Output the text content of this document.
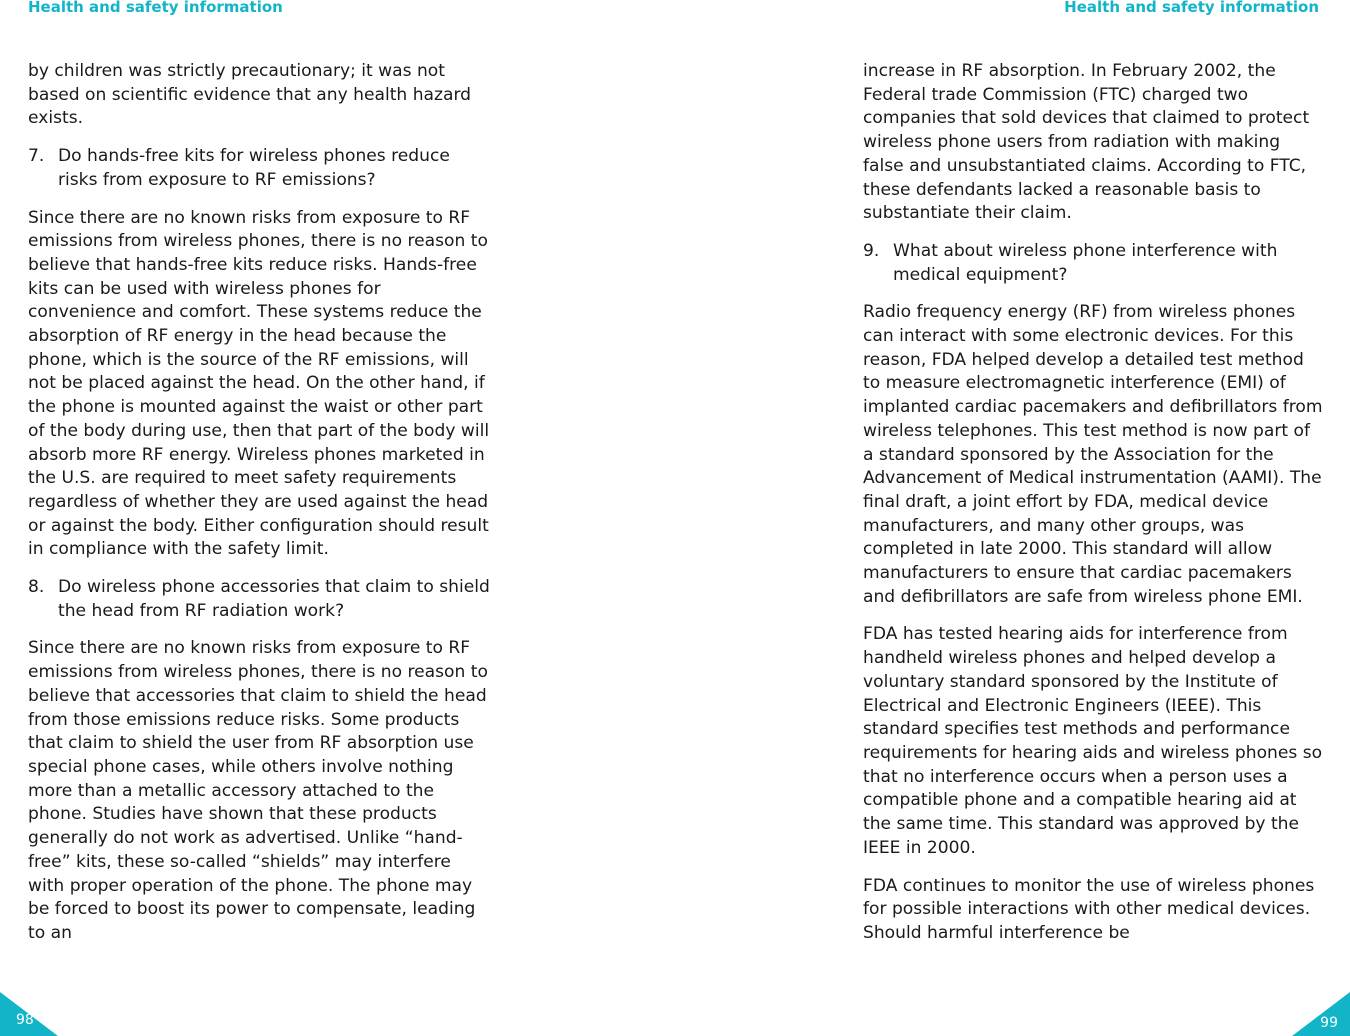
Health and safety information

by children was strictly precautionary; it was not based on scientific evidence that any health hazard exists.

7. Do hands-free kits for wireless phones reduce risks from exposure to RF emissions?

Since there are no known risks from exposure to RF emissions from wireless phones, there is no reason to believe that hands-free kits reduce risks. Hands-free kits can be used with wireless phones for convenience and comfort. These systems reduce the absorption of RF energy in the head because the phone, which is the source of the RF emissions, will not be placed against the head. On the other hand, if the phone is mounted against the waist or other part of the body during use, then that part of the body will absorb more RF energy. Wireless phones marketed in the U.S. are required to meet safety requirements regardless of whether they are used against the head or against the body. Either configuration should result in compliance with the safety limit.

8. Do wireless phone accessories that claim to shield the head from RF radiation work?

Since there are no known risks from exposure to RF emissions from wireless phones, there is no reason to believe that accessories that claim to shield the head from those emissions reduce risks. Some products that claim to shield the user from RF absorption use special phone cases, while others involve nothing more than a metallic accessory attached to the phone. Studies have shown that these products generally do not work as advertised. Unlike “hand-free” kits, these so-called “shields” may interfere with proper operation of the phone. The phone may be forced to boost its power to compensate, leading to an

98
Health and safety information

increase in RF absorption. In February 2002, the Federal trade Commission (FTC) charged two companies that sold devices that claimed to protect wireless phone users from radiation with making false and unsubstantiated claims. According to FTC, these defendants lacked a reasonable basis to substantiate their claim.

9. What about wireless phone interference with medical equipment?

Radio frequency energy (RF) from wireless phones can interact with some electronic devices. For this reason, FDA helped develop a detailed test method to measure electromagnetic interference (EMI) of implanted cardiac pacemakers and defibrillators from wireless telephones. This test method is now part of a standard sponsored by the Association for the Advancement of Medical instrumentation (AAMI). The final draft, a joint effort by FDA, medical device manufacturers, and many other groups, was completed in late 2000. This standard will allow manufacturers to ensure that cardiac pacemakers and defibrillators are safe from wireless phone EMI.

FDA has tested hearing aids for interference from handheld wireless phones and helped develop a voluntary standard sponsored by the Institute of Electrical and Electronic Engineers (IEEE). This standard specifies test methods and performance requirements for hearing aids and wireless phones so that no interference occurs when a person uses a compatible phone and a compatible hearing aid at the same time. This standard was approved by the IEEE in 2000.

FDA continues to monitor the use of wireless phones for possible interactions with other medical devices. Should harmful interference be

99
